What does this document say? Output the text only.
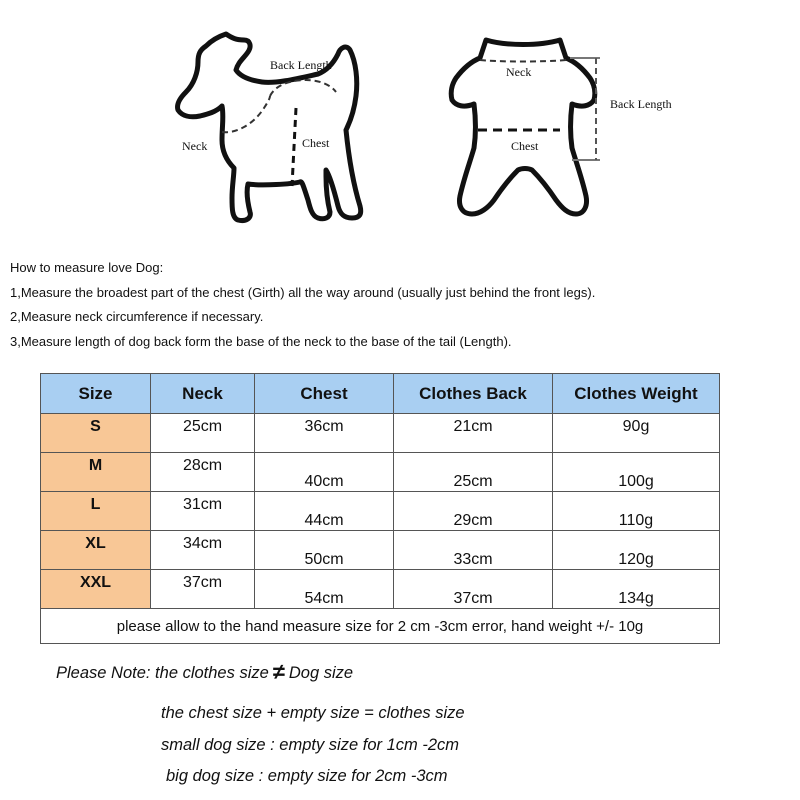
Back Length
Neck	Chest
Neck
Back Length
Chest

How to measure love Dog:

1,Measure the broadest part of the chest (Girth) all the way around (usually just behind the front legs).

2,Measure neck circumference if necessary.

3,Measure length of dog back form the base of the neck to the base of the tail (Length).

Size	Neck	Chest	Clothes Back	Clothes Weight
S	25cm	36cm	21cm	90g
M	28cm	40cm	25cm	100g
L	31cm	44cm	29cm	110g
XL	34cm	50cm	33cm	120g
XXL	37cm	54cm	37cm	134g
please allow to the hand measure size for 2 cm -3cm error, hand weight +/- 10g				
Please Note: the clothes size ≠ Dog size
the chest size + empty size = clothes size
small dog size : empty size for 1cm -2cm
big dog size : empty size for 2cm -3cm
